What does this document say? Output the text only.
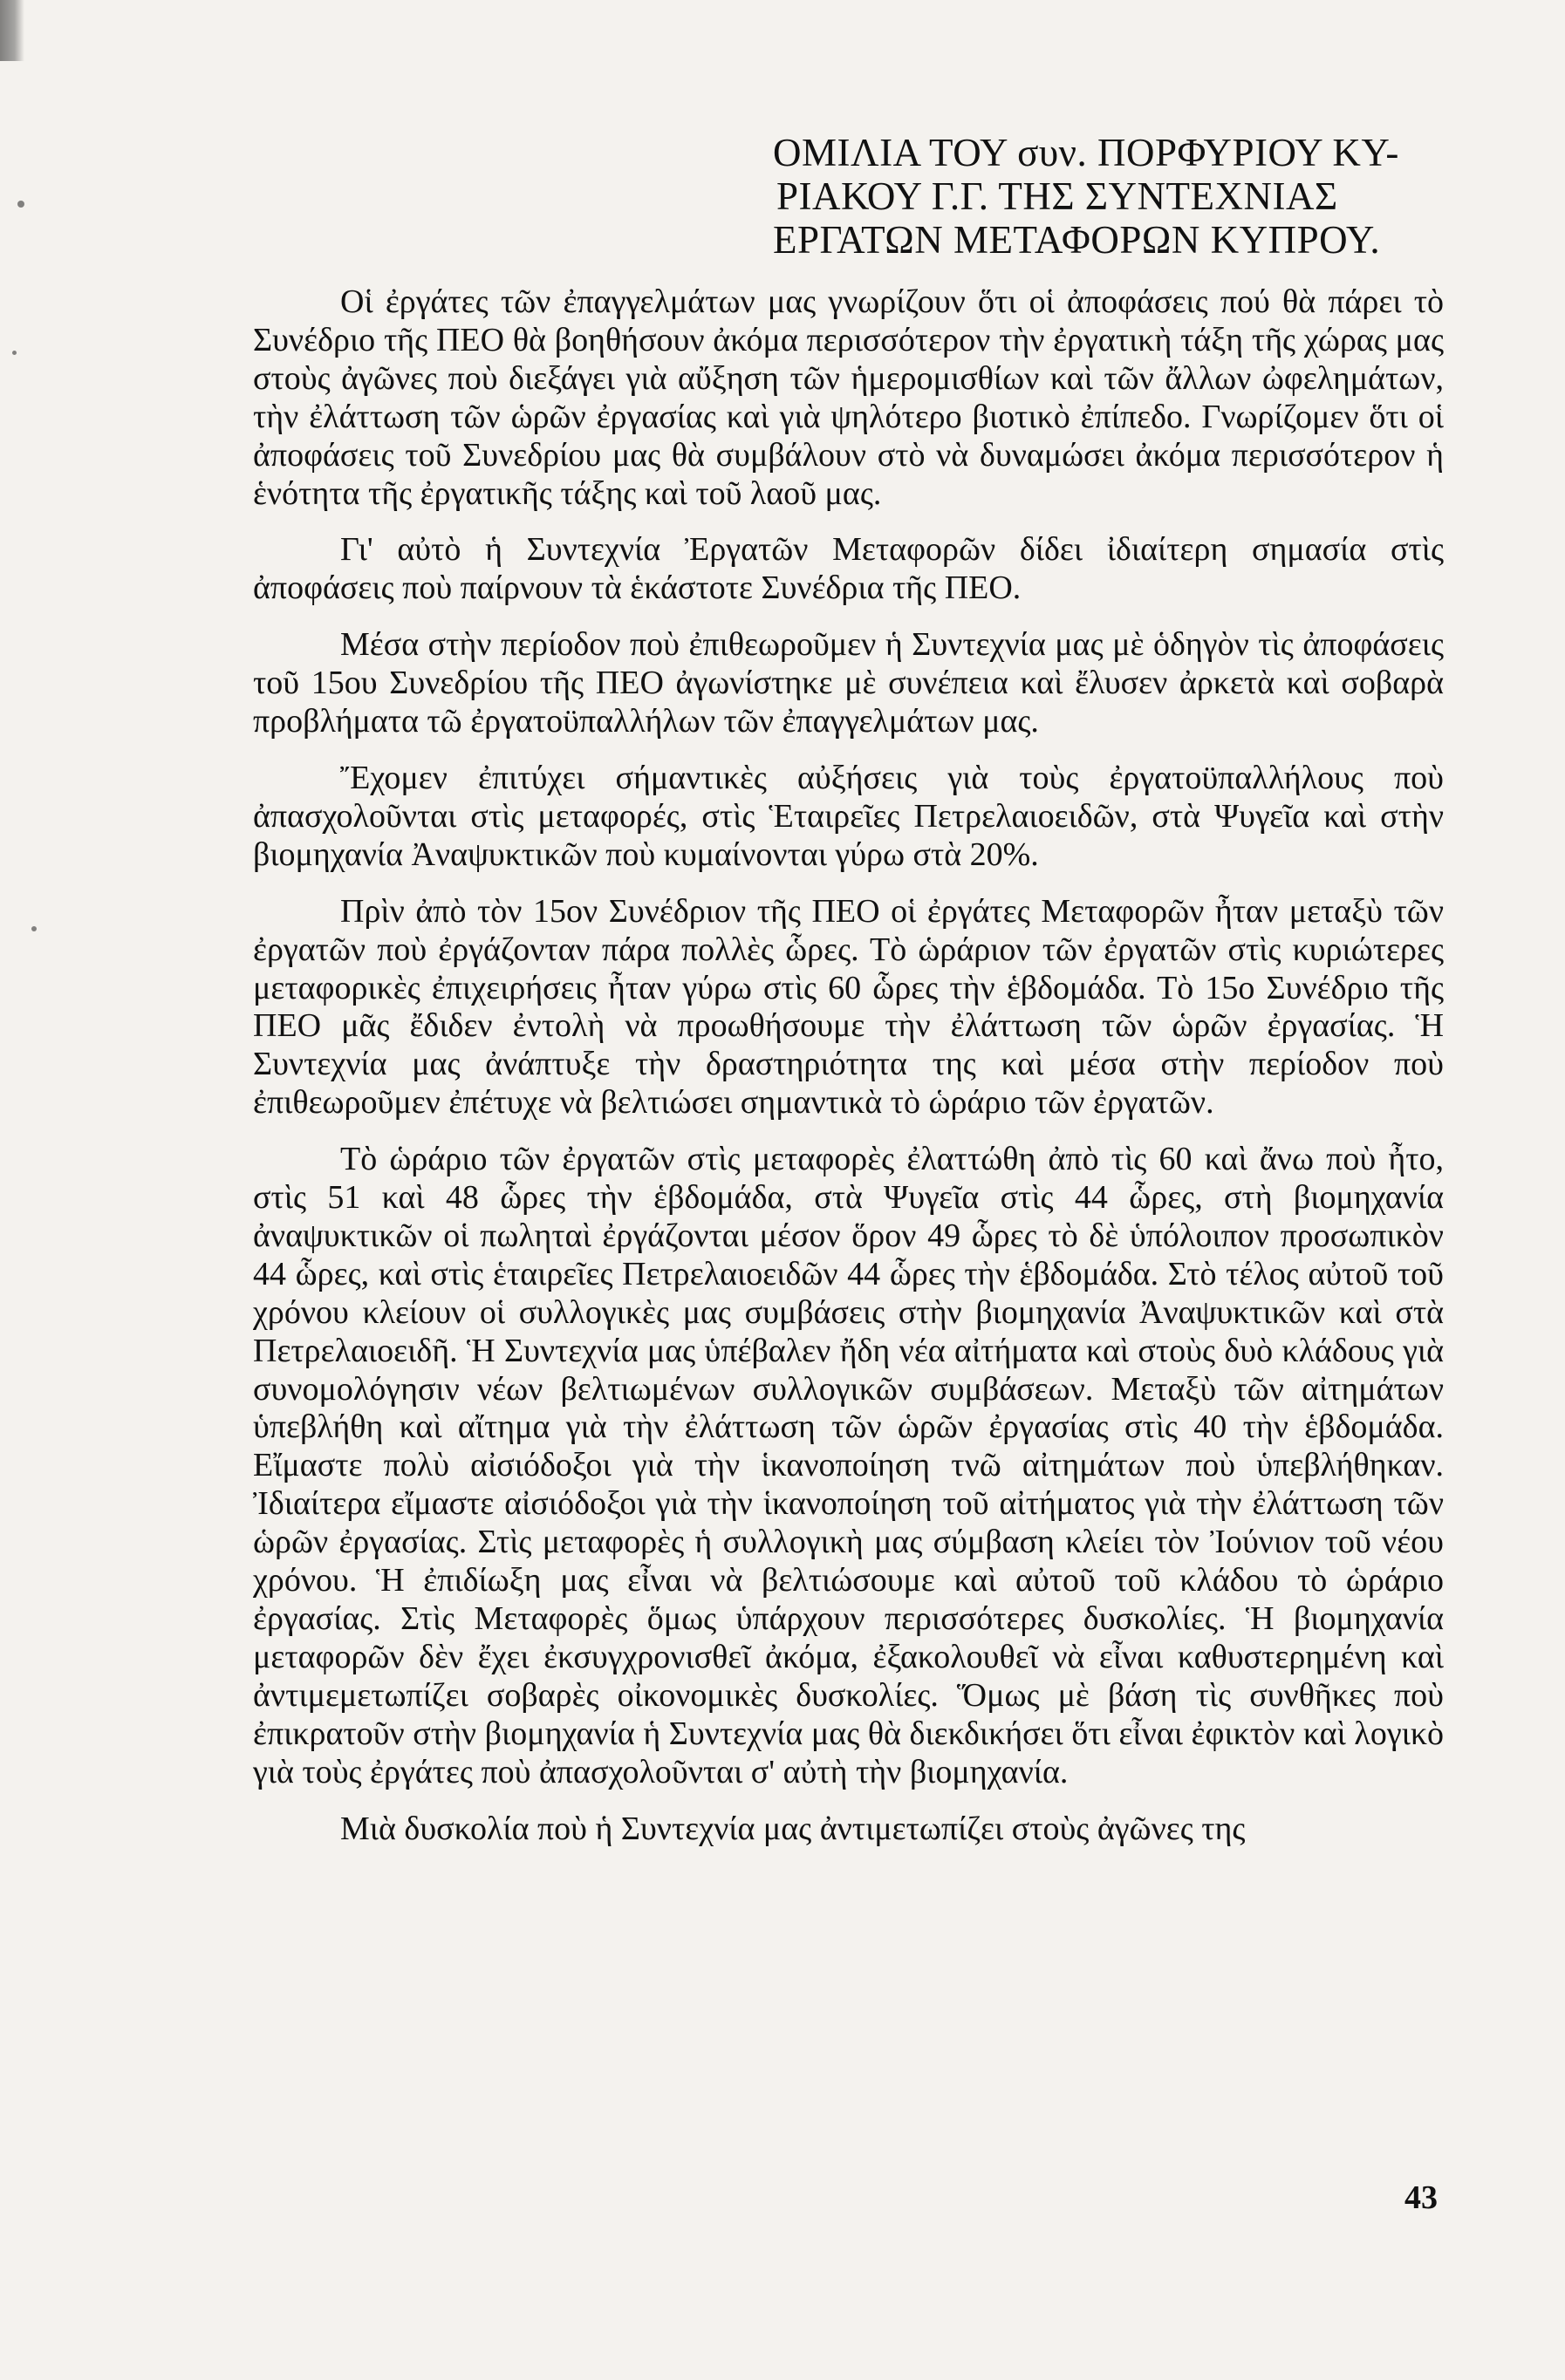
ΟΜΙΛΙΑ ΤΟΥ συν. ΠΟΡΦΥΡΙΟΥ ΚΥ-
ΡΙΑΚΟΥ Γ.Γ. ΤΗΣ ΣΥΝΤΕΧΝΙΑΣ
ΕΡΓΑΤΩΝ ΜΕΤΑΦΟΡΩΝ ΚΥΠΡΟΥ.

Οἱ ἐργάτες τῶν ἐπαγγελμάτων μας γνωρίζουν ὅτι οἱ ἀποφάσεις πού θὰ πάρει τὸ Συνέδριο τῆς ΠΕΟ θὰ βοηθήσουν ἀκόμα περισσότερον τὴν ἐργατικὴ τάξη τῆς χώρας μας στοὺς ἀγῶνες ποὺ διεξάγει γιὰ αὔξηση τῶν ἡμερομισθίων καὶ τῶν ἄλλων ὠφελημάτων, τὴν ἐλάττωση τῶν ὡρῶν ἐργασίας καὶ γιὰ ψηλότερο βιοτικὸ ἐπίπεδο. Γνωρίζομεν ὅτι οἱ ἀποφάσεις τοῦ Συνεδρίου μας θὰ συμβάλουν στὸ νὰ δυναμώσει ἀκόμα περισσότερον ἡ ἑνότητα τῆς ἐργατικῆς τάξης καὶ τοῦ λαοῦ μας.

Γι' αὐτὸ ἡ Συντεχνία Ἐργατῶν Μεταφορῶν δίδει ἰδιαίτερη σημασία στὶς ἀποφάσεις ποὺ παίρνουν τὰ ἑκάστοτε Συνέδρια τῆς ΠΕΟ.

Μέσα στὴν περίοδον ποὺ ἐπιθεωροῦμεν ἡ Συντεχνία μας μὲ ὁδηγὸν τὶς ἀποφάσεις τοῦ 15ου Συνεδρίου τῆς ΠΕΟ ἀγωνίστηκε μὲ συνέπεια καὶ ἔλυσεν ἀρκετὰ καὶ σοβαρὰ προβλήματα τῶ ἐργατοϋπαλλήλων τῶν ἐπαγγελμάτων μας.

Ἔχομεν ἐπιτύχει σήμαντικὲς αὐξήσεις γιὰ τοὺς ἐργατοϋπαλλήλους ποὺ ἀπασχολοῦνται στὶς μεταφορές, στὶς Ἑταιρεῖες Πετρελαιοειδῶν, στὰ Ψυγεῖα καὶ στὴν βιομηχανία Ἀναψυκτικῶν ποὺ κυμαίνονται γύρω στὰ 20%.

Πρὶν ἀπὸ τὸν 15ον Συνέδριον τῆς ΠΕΟ οἱ ἐργάτες Μεταφορῶν ἦταν μεταξὺ τῶν ἐργατῶν ποὺ ἐργάζονταν πάρα πολλὲς ὧρες. Τὸ ὡράριον τῶν ἐργατῶν στὶς κυριώτερες μεταφορικὲς ἐπιχειρήσεις ἦταν γύρω στὶς 60 ὧρες τὴν ἑβδομάδα. Τὸ 15ο Συνέδριο τῆς ΠΕΟ μᾶς ἔδιδεν ἐντολὴ νὰ προωθήσουμε τὴν ἐλάττωση τῶν ὡρῶν ἐργασίας. Ἡ Συντεχνία μας ἀνάπτυξε τὴν δραστηριότητα της καὶ μέσα στὴν περίοδον ποὺ ἐπιθεωροῦμεν ἐπέτυχε νὰ βελτιώσει σημαντικὰ τὸ ὡράριο τῶν ἐργατῶν.

Τὸ ὡράριο τῶν ἐργατῶν στὶς μεταφορὲς ἐλαττώθη ἀπὸ τὶς 60 καὶ ἄνω ποὺ ἦτο, στὶς 51 καὶ 48 ὧρες τὴν ἑβδομάδα, στὰ Ψυγεῖα στὶς 44 ὧρες, στὴ βιομηχανία ἀναψυκτικῶν οἱ πωληταὶ ἐργάζονται μέσον ὅρον 49 ὧρες τὸ δὲ ὑπόλοιπον προσωπικὸν 44 ὧρες, καὶ στὶς ἑταιρεῖες Πετρελαιοειδῶν 44 ὧρες τὴν ἑβδομάδα. Στὸ τέλος αὐτοῦ τοῦ χρόνου κλείουν οἱ συλλογικὲς μας συμβάσεις στὴν βιομηχανία Ἀναψυκτικῶν καὶ στὰ Πετρελαιοειδῆ. Ἡ Συντεχνία μας ὑπέβαλεν ἤδη νέα αἰτήματα καὶ στοὺς δυὸ κλάδους γιὰ συνομολόγησιν νέων βελτιωμένων συλλογικῶν συμβάσεων. Μεταξὺ τῶν αἰτημάτων ὑπεβλήθη καὶ αἴτημα γιὰ τὴν ἐλάττωση τῶν ὡρῶν ἐργασίας στὶς 40 τὴν ἑβδομάδα. Εἴμαστε πολὺ αἰσιόδοξοι γιὰ τὴν ἱκανοποίηση τνῶ αἰτημάτων ποὺ ὑπεβλήθηκαν. Ἰδιαίτερα εἴμαστε αἰσιόδοξοι γιὰ τὴν ἱκανοποίηση τοῦ αἰτήματος γιὰ τὴν ἐλάττωση τῶν ὡρῶν ἐργασίας. Στὶς μεταφορὲς ἡ συλλογικὴ μας σύμβαση κλείει τὸν Ἰούνιον τοῦ νέου χρόνου. Ἡ ἐπιδίωξη μας εἶναι νὰ βελτιώσουμε καὶ αὐτοῦ τοῦ κλάδου τὸ ὡράριο ἐργασίας. Στὶς Μεταφορὲς ὅμως ὑπάρχουν περισσότερες δυσκολίες. Ἡ βιομηχανία μεταφορῶν δὲν ἔχει ἐκσυγχρονισθεῖ ἀκόμα, ἐξακολουθεῖ νὰ εἶναι καθυστερημένη καὶ ἀντιμεμετωπίζει σοβαρὲς οἰκονομικὲς δυσκολίες. Ὅμως μὲ βάση τὶς συνθῆκες ποὺ ἐπικρατοῦν στὴν βιομηχανία ἡ Συντεχνία μας θὰ διεκδικήσει ὅτι εἶναι ἐφικτὸν καὶ λογικὸ γιὰ τοὺς ἐργάτες ποὺ ἀπασχολοῦνται σ' αὐτὴ τὴν βιομηχανία.

Μιὰ δυσκολία ποὺ ἡ Συντεχνία μας ἀντιμετωπίζει στοὺς ἀγῶνες της

43
